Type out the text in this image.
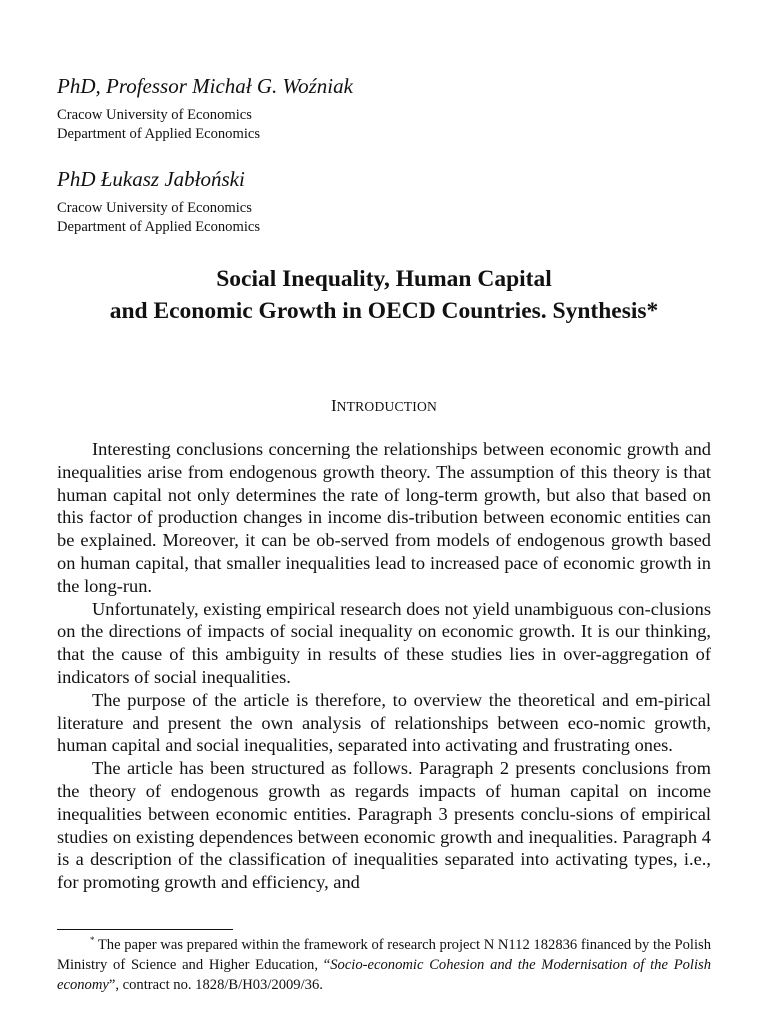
PhD, Professor Michał G. Woźniak
Cracow University of Economics
Department of Applied Economics
PhD Łukasz Jabłoński
Cracow University of Economics
Department of Applied Economics
Social Inequality, Human Capital
and Economic Growth in OECD Countries. Synthesis*
INTRODUCTION

Interesting conclusions concerning the relationships between economic growth and inequalities arise from endogenous growth theory. The assumption of this theory is that human capital not only determines the rate of long-term growth, but also that based on this factor of production changes in income dis-tribution between economic entities can be explained. Moreover, it can be ob-served from models of endogenous growth based on human capital, that smaller inequalities lead to increased pace of economic growth in the long-run.

Unfortunately, existing empirical research does not yield unambiguous con-clusions on the directions of impacts of social inequality on economic growth. It is our thinking, that the cause of this ambiguity in results of these studies lies in over-aggregation of indicators of social inequalities.

The purpose of the article is therefore, to overview the theoretical and em-pirical literature and present the own analysis of relationships between eco-nomic growth, human capital and social inequalities, separated into activating and frustrating ones.

The article has been structured as follows. Paragraph 2 presents conclusions from the theory of endogenous growth as regards impacts of human capital on income inequalities between economic entities. Paragraph 3 presents conclu-sions of empirical studies on existing dependences between economic growth and inequalities. Paragraph 4 is a description of the classification of inequalities separated into activating types, i.e., for promoting growth and efficiency, and

* The paper was prepared within the framework of research project N N112 182836 financed by the Polish Ministry of Science and Higher Education, “Socio-economic Cohesion and the Modernisation of the Polish economy”, contract no. 1828/B/H03/2009/36.
